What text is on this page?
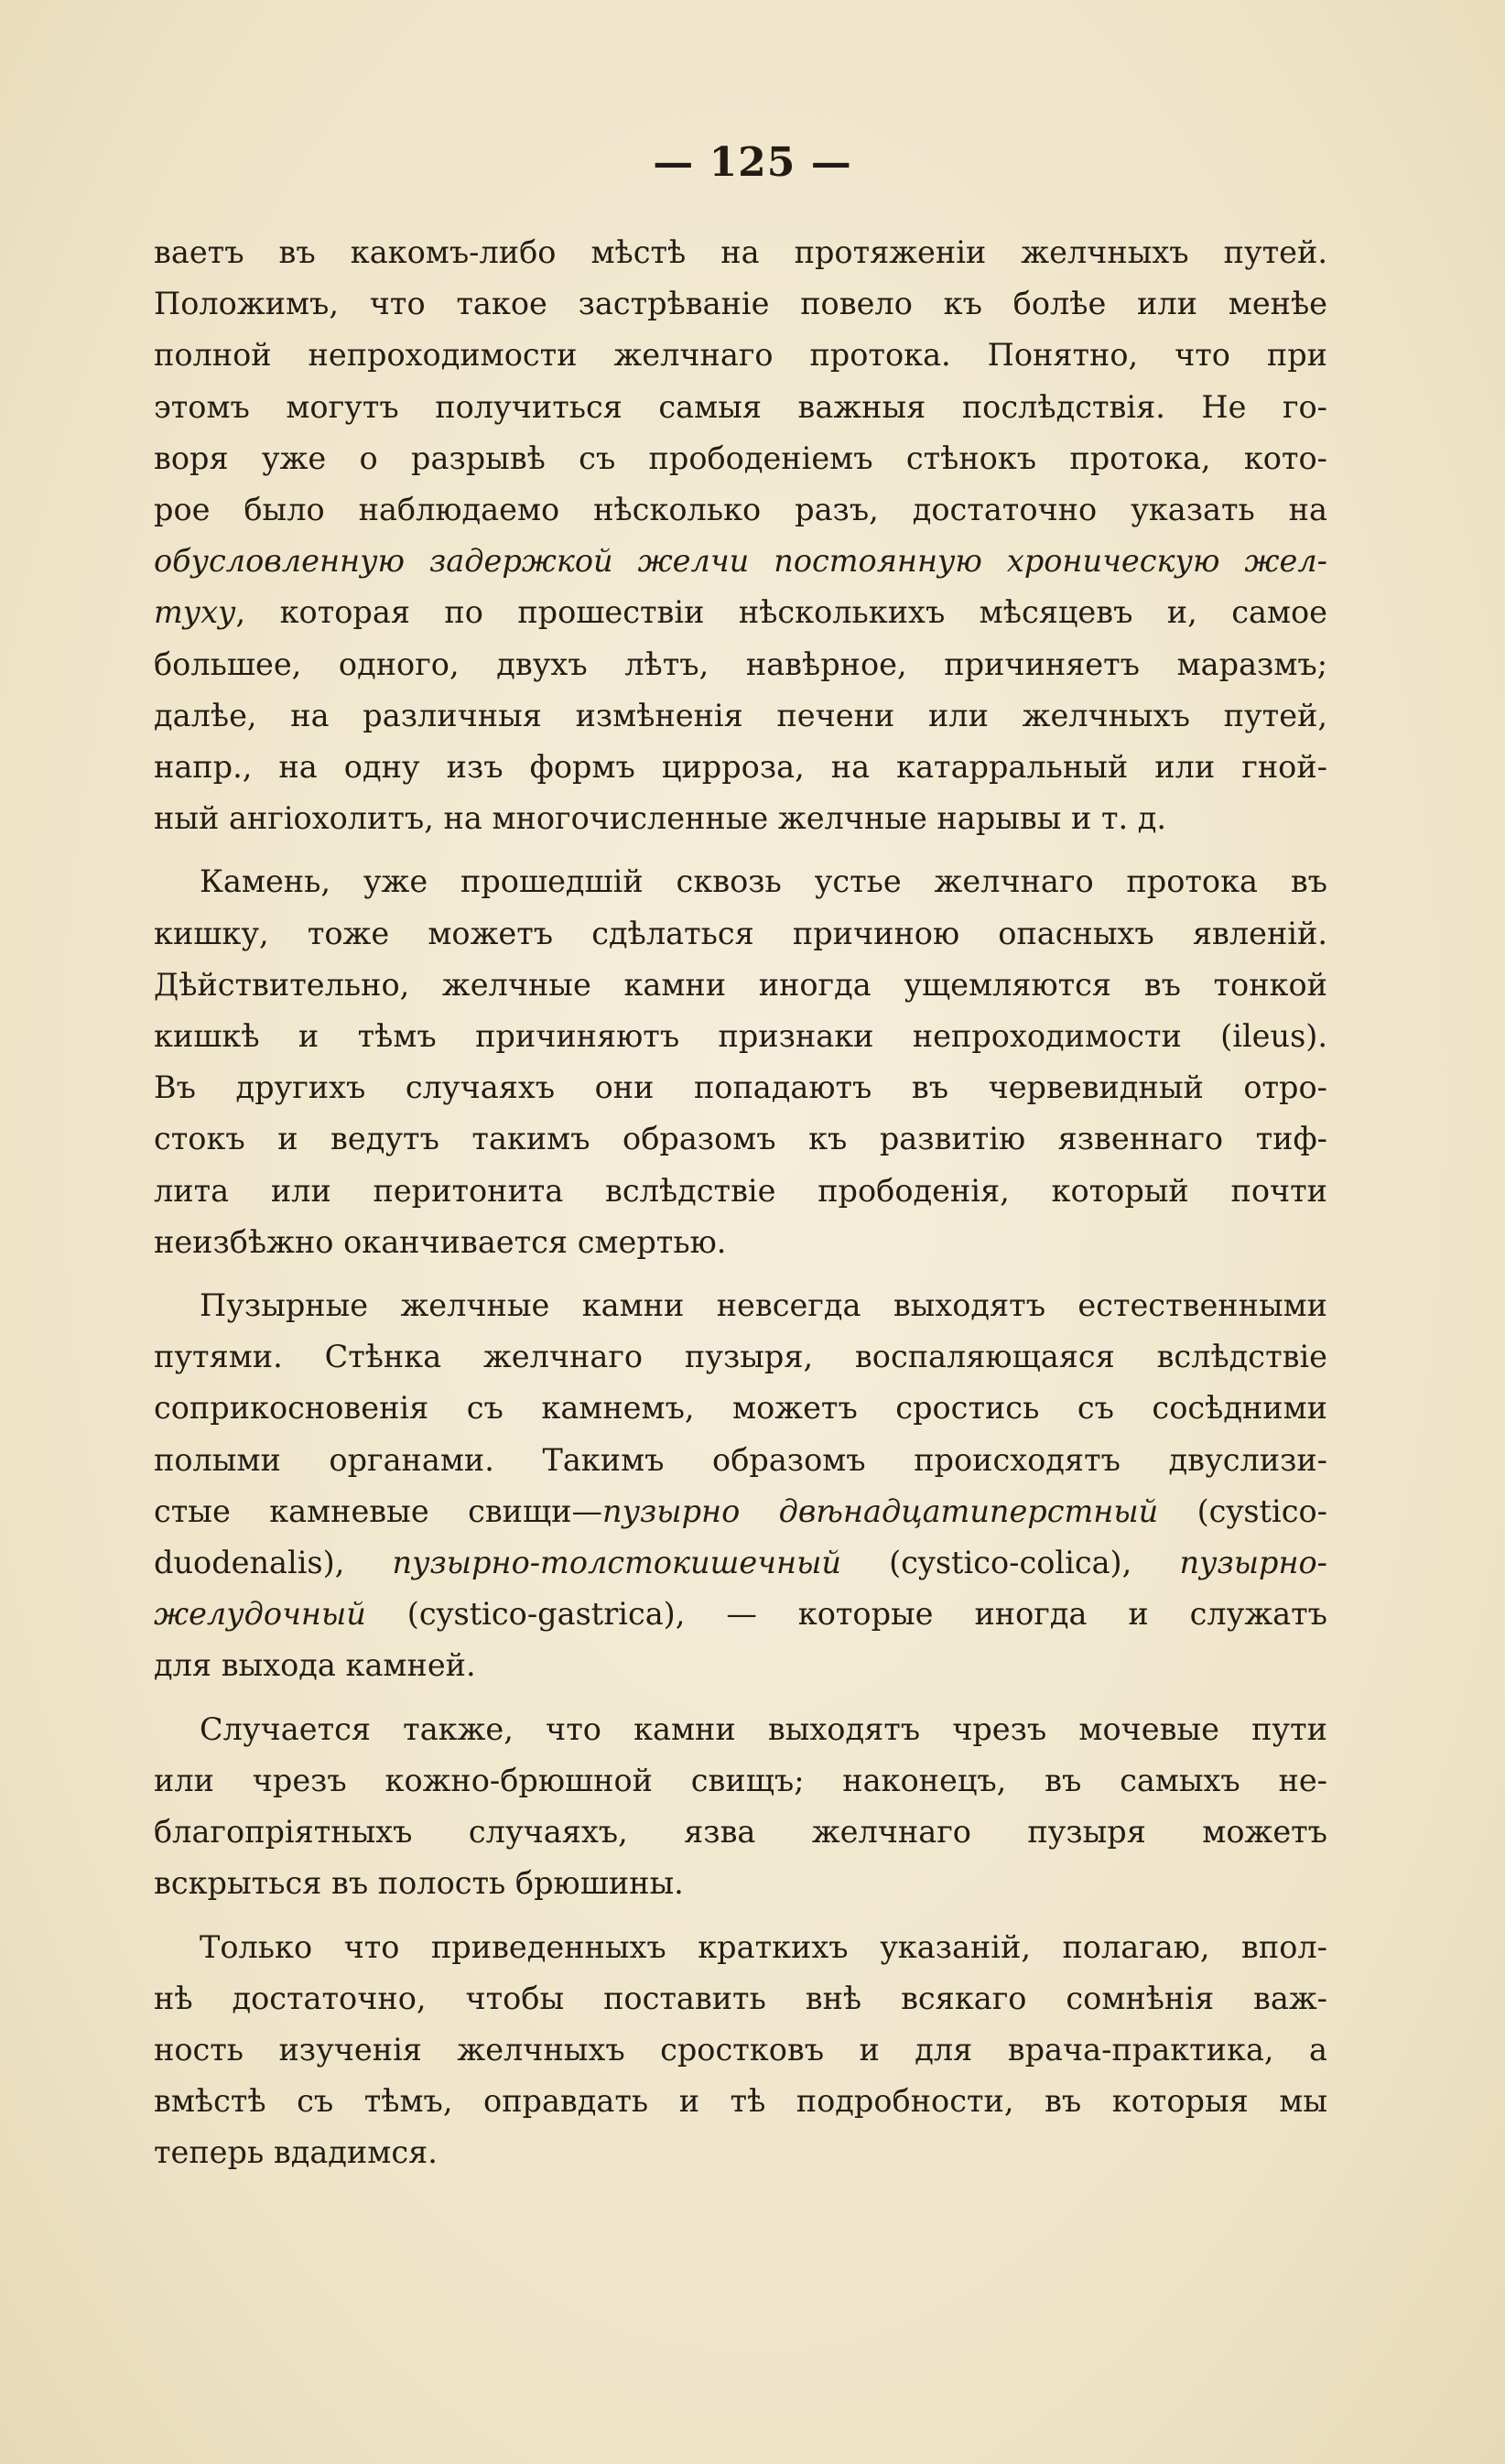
— 125 —
ваетъ въ какомъ-либо мѣстѣ на протяженіи желчныхъ путей.
Положимъ, что такое застрѣваніе повело къ болѣе или менѣе
полной непроходимости желчнаго протока. Понятно, что при
этомъ могутъ получиться самыя важныя послѣдствія. Не го-
воря уже о разрывѣ съ прободеніемъ стѣнокъ протока, кото-
рое было наблюдаемо нѣсколько разъ, достаточно указать на
обусловленную задержкой желчи постоянную хроническую жел-
туху, которая по прошествіи нѣсколькихъ мѣсяцевъ и, самое
большее, одного, двухъ лѣтъ, навѣрное, причиняетъ маразмъ;
далѣе, на различныя измѣненія печени или желчныхъ путей,
напр., на одну изъ формъ цирроза, на катарральный или гной-
ный ангіохолитъ, на многочисленные желчные нарывы и т. д.
Камень, уже прошедшій сквозь устье желчнаго протока въ
кишку, тоже можетъ сдѣлаться причиною опасныхъ явленій.
Дѣйствительно, желчные камни иногда ущемляются въ тонкой
кишкѣ и тѣмъ причиняютъ признаки непроходимости (ileus).
Въ другихъ случаяхъ они попадаютъ въ червевидный отро-
стокъ и ведутъ такимъ образомъ къ развитію язвеннаго тиф-
лита или перитонита вслѣдствіе прободенія, который почти
неизбѣжно оканчивается смертью.
Пузырные желчные камни невсегда выходятъ естественными
путями. Стѣнка желчнаго пузыря, воспаляющаяся вслѣдствіе
соприкосновенія съ камнемъ, можетъ сростись съ сосѣдними
полыми органами. Такимъ образомъ происходятъ двуслизи-
стые камневые свищи—пузырно двѣнадцатиперстный (cystico-
duodenalis), пузырно-толстокишечный (cystico-colica), пузырно-
желудочный (cystico-gastrica), — которые иногда и служатъ
для выхода камней.
Случается также, что камни выходятъ чрезъ мочевые пути
или чрезъ кожно-брюшной свищъ; наконецъ, въ самыхъ не-
благопріятныхъ случаяхъ, язва желчнаго пузыря можетъ
вскрыться въ полость брюшины.
Только что приведенныхъ краткихъ указаній, полагаю, впол-
нѣ достаточно, чтобы поставить внѣ всякаго сомнѣнія важ-
ность изученія желчныхъ сростковъ и для врача-практика, а
вмѣстѣ съ тѣмъ, оправдать и тѣ подробности, въ которыя мы
теперь вдадимся.
